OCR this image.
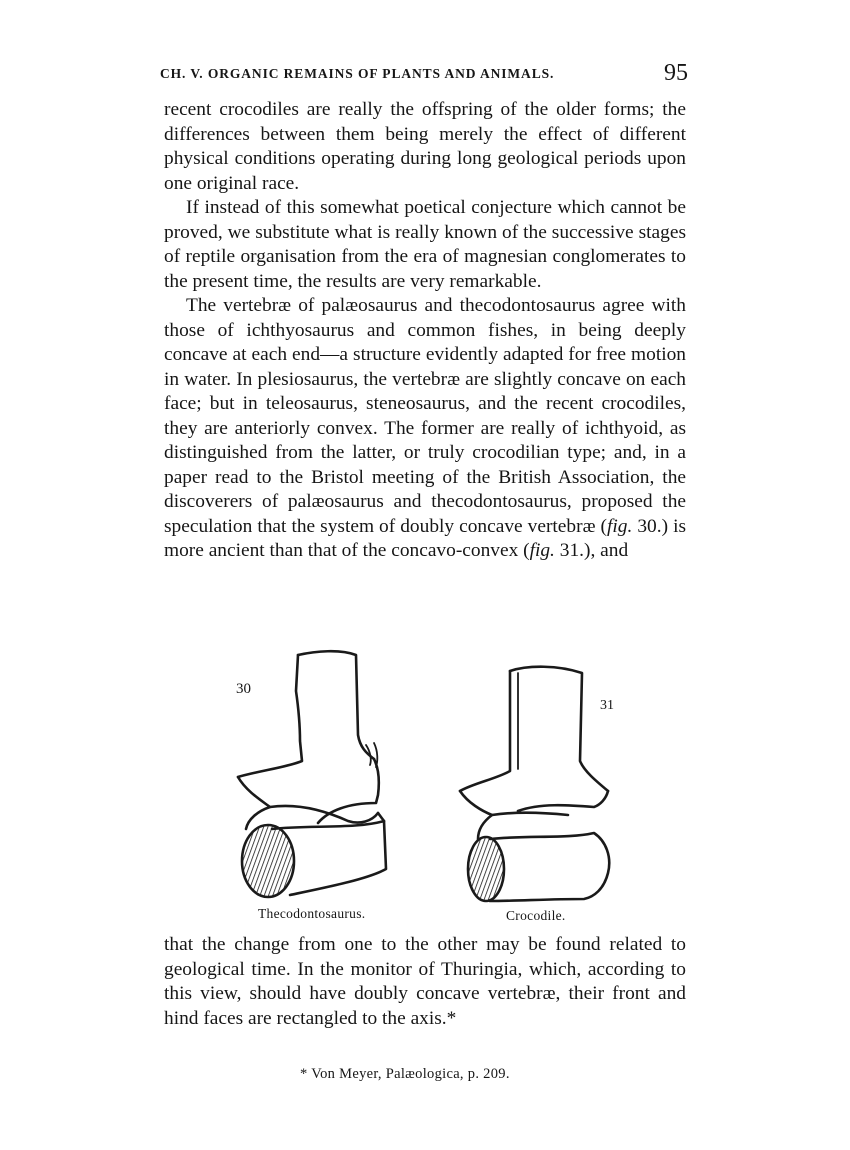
CH. V. ORGANIC REMAINS OF PLANTS AND ANIMALS.	95

recent crocodiles are really the offspring of the older forms; the differences between them being merely the effect of different physical conditions operating during long geological periods upon one original race.

If instead of this somewhat poetical conjecture which cannot be proved, we substitute what is really known of the successive stages of reptile organisation from the era of magnesian conglomerates to the present time, the results are very remarkable.

The vertebræ of palæosaurus and thecodontosaurus agree with those of ichthyosaurus and common fishes, in being deeply concave at each end—a structure evidently adapted for free motion in water. In plesiosaurus, the vertebræ are slightly concave on each face; but in teleosaurus, steneosaurus, and the recent crocodiles, they are anteriorly convex. The former are really of ichthyoid, as distinguished from the latter, or truly crocodilian type; and, in a paper read to the Bristol meeting of the British Association, the discoverers of palæosaurus and thecodontosaurus, proposed the speculation that the system of doubly concave vertebræ (fig. 30.) is more ancient than that of the concavo-convex (fig. 31.), and

30
31
Thecodontosaurus.	Crocodile.

that the change from one to the other may be found related to geological time. In the monitor of Thuringia, which, according to this view, should have doubly concave vertebræ, their front and hind faces are rectangled to the axis.*

* Von Meyer, Palæologica, p. 209.
